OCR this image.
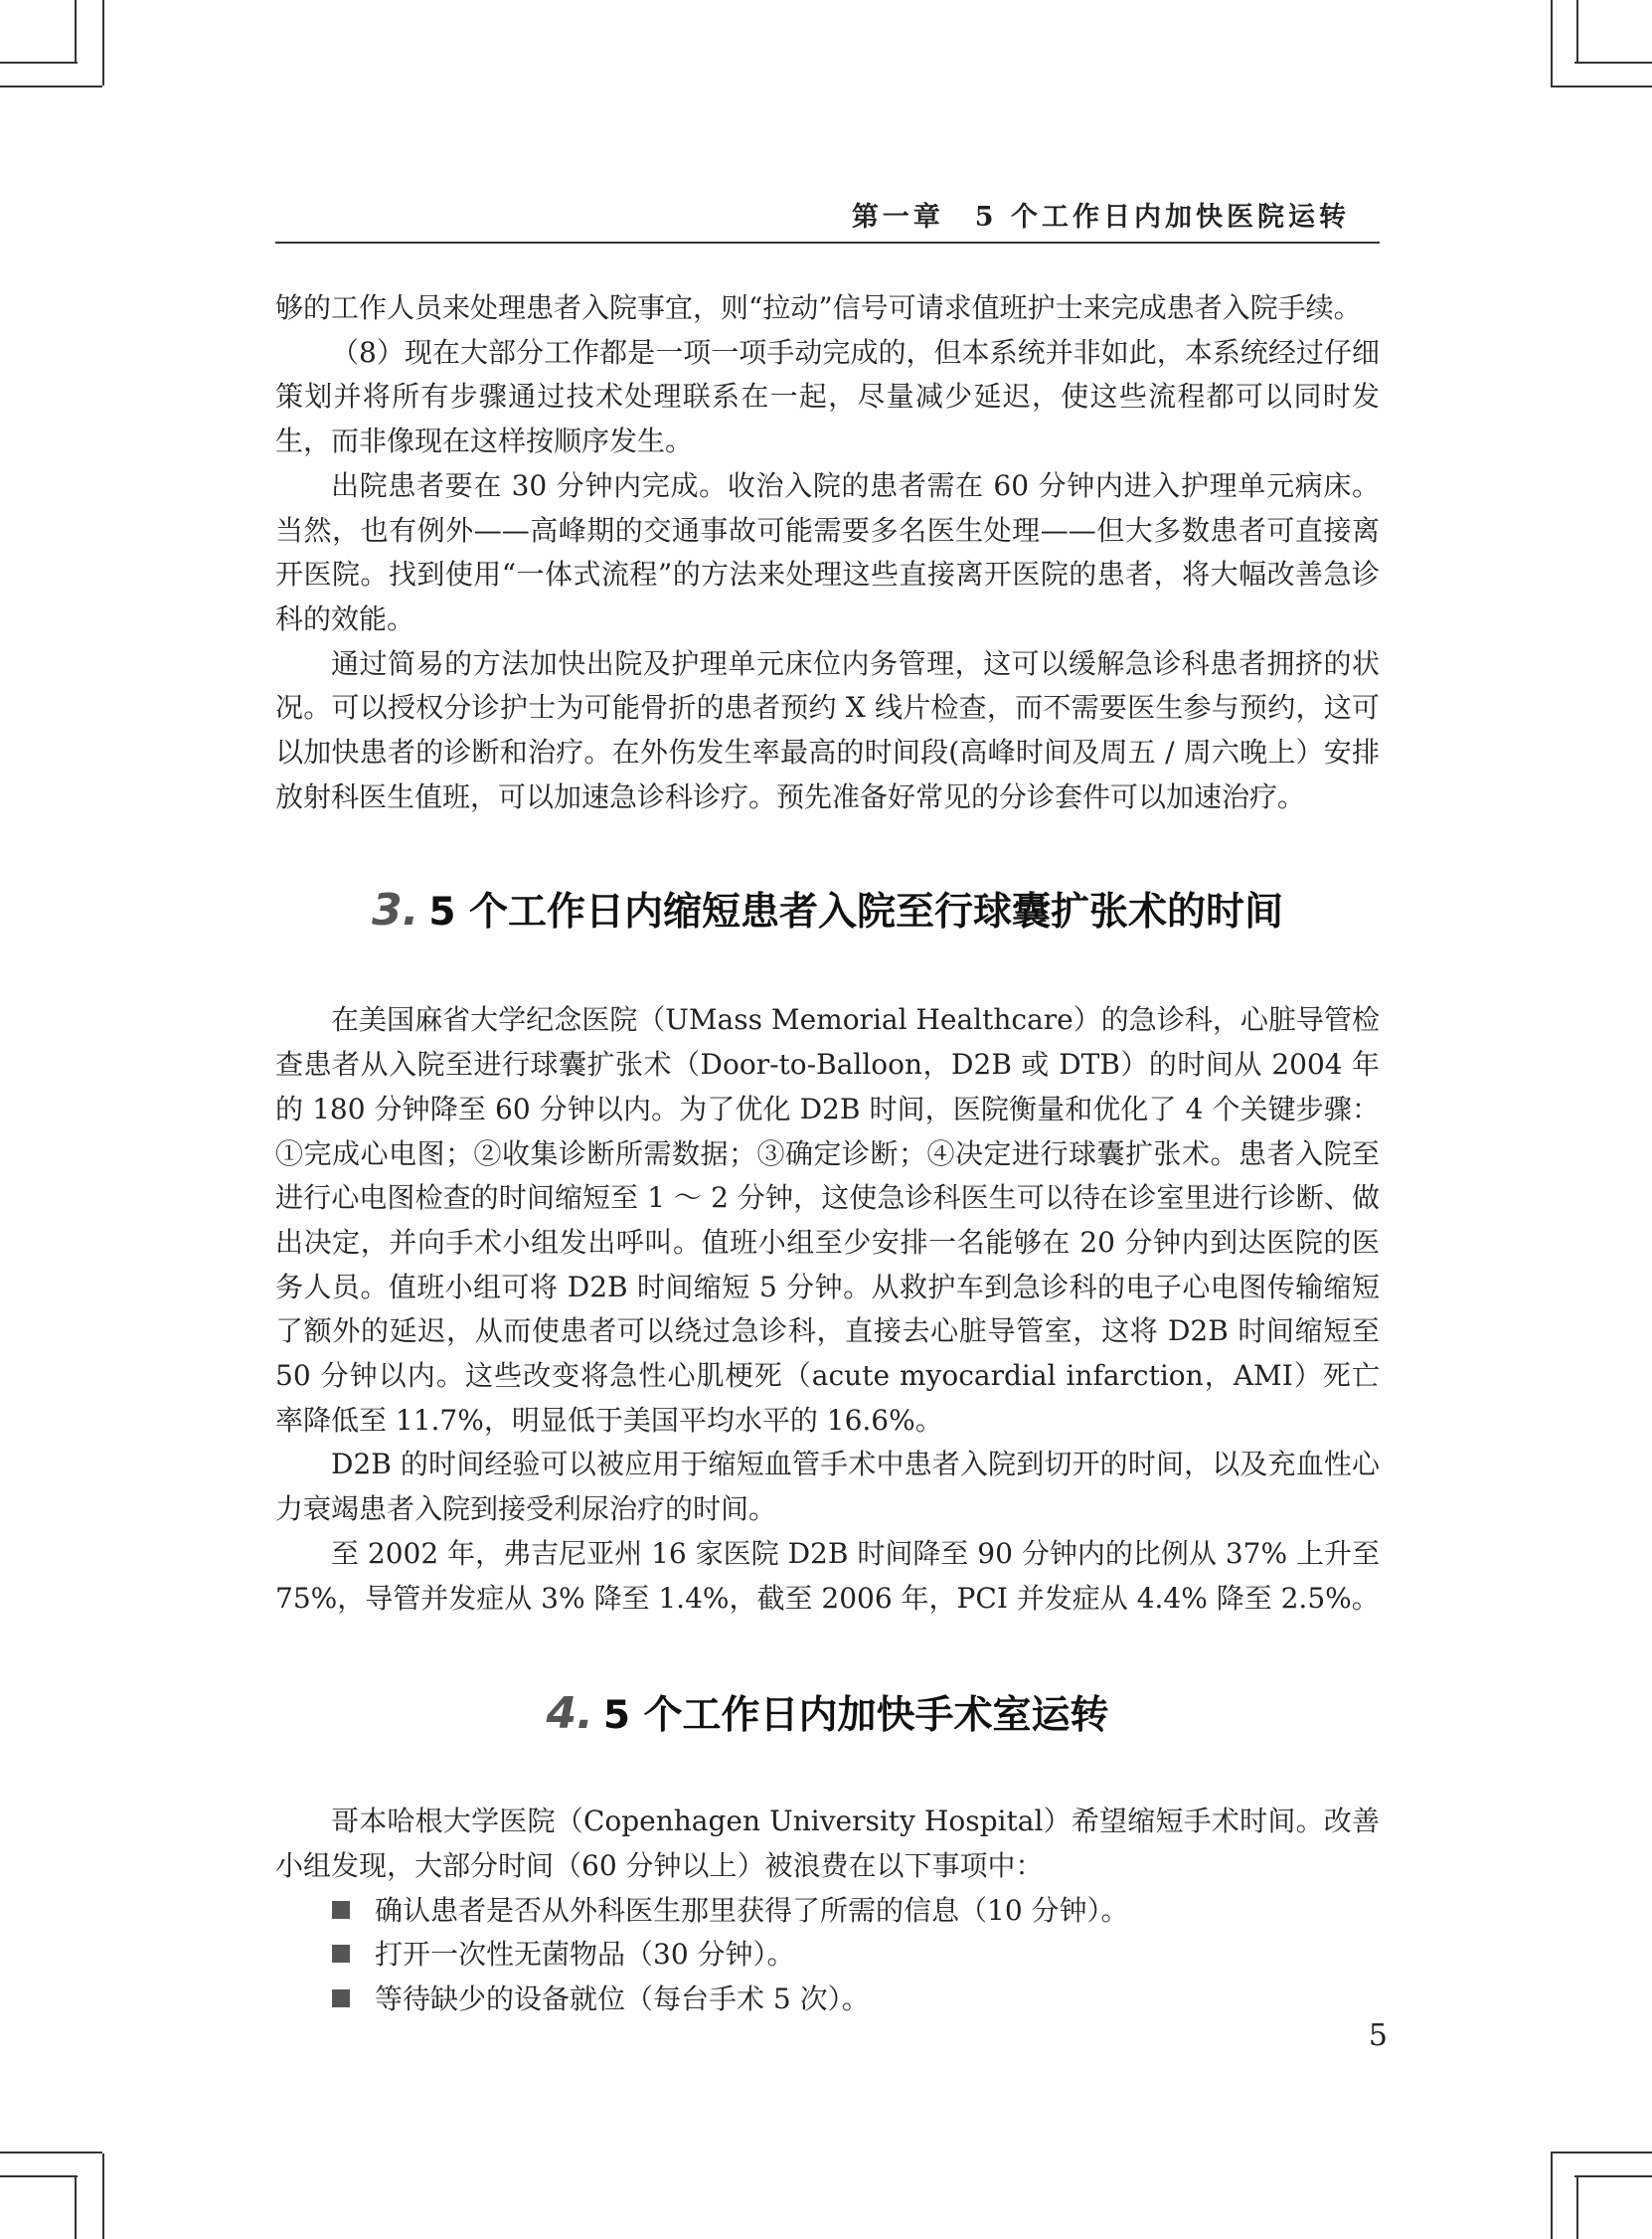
第一章　5 个工作日内加快医院运转

够的工作人员来处理患者入院事宜，则“拉动”信号可请求值班护士来完成患者入院手续。

（8）现在大部分工作都是一项一项手动完成的，但本系统并非如此，本系统经过仔细策划并将所有步骤通过技术处理联系在一起，尽量减少延迟，使这些流程都可以同时发生，而非像现在这样按顺序发生。

出院患者要在 30 分钟内完成。收治入院的患者需在 60 分钟内进入护理单元病床。当然，也有例外——高峰期的交通事故可能需要多名医生处理——但大多数患者可直接离开医院。找到使用“一体式流程”的方法来处理这些直接离开医院的患者，将大幅改善急诊科的效能。

通过简易的方法加快出院及护理单元床位内务管理，这可以缓解急诊科患者拥挤的状况。可以授权分诊护士为可能骨折的患者预约 X 线片检查，而不需要医生参与预约，这可以加快患者的诊断和治疗。在外伤发生率最高的时间段(高峰时间及周五 / 周六晚上）安排放射科医生值班，可以加速急诊科诊疗。预先准备好常见的分诊套件可以加速治疗。

3. 5 个工作日内缩短患者入院至行球囊扩张术的时间

在美国麻省大学纪念医院（UMass Memorial Healthcare）的急诊科，心脏导管检查患者从入院至进行球囊扩张术（Door-to-Balloon，D2B 或 DTB）的时间从 2004 年的 180 分钟降至 60 分钟以内。为了优化 D2B 时间，医院衡量和优化了 4 个关键步骤：①完成心电图；②收集诊断所需数据；③确定诊断；④决定进行球囊扩张术。患者入院至进行心电图检查的时间缩短至 1 ～ 2 分钟，这使急诊科医生可以待在诊室里进行诊断、做出决定，并向手术小组发出呼叫。值班小组至少安排一名能够在 20 分钟内到达医院的医务人员。值班小组可将 D2B 时间缩短 5 分钟。从救护车到急诊科的电子心电图传输缩短了额外的延迟，从而使患者可以绕过急诊科，直接去心脏导管室，这将 D2B 时间缩短至 50 分钟以内。这些改变将急性心肌梗死（acute myocardial infarction，AMI）死亡率降低至 11.7%，明显低于美国平均水平的 16.6%。

D2B 的时间经验可以被应用于缩短血管手术中患者入院到切开的时间，以及充血性心力衰竭患者入院到接受利尿治疗的时间。

至 2002 年，弗吉尼亚州 16 家医院 D2B 时间降至 90 分钟内的比例从 37% 上升至 75%，导管并发症从 3% 降至 1.4%，截至 2006 年，PCI 并发症从 4.4% 降至 2.5%。

4. 5 个工作日内加快手术室运转

哥本哈根大学医院（Copenhagen University Hospital）希望缩短手术时间。改善小组发现，大部分时间（60 分钟以上）被浪费在以下事项中：

确认患者是否从外科医生那里获得了所需的信息（10 分钟）。
打开一次性无菌物品（30 分钟）。
等待缺少的设备就位（每台手术 5 次）。
5
